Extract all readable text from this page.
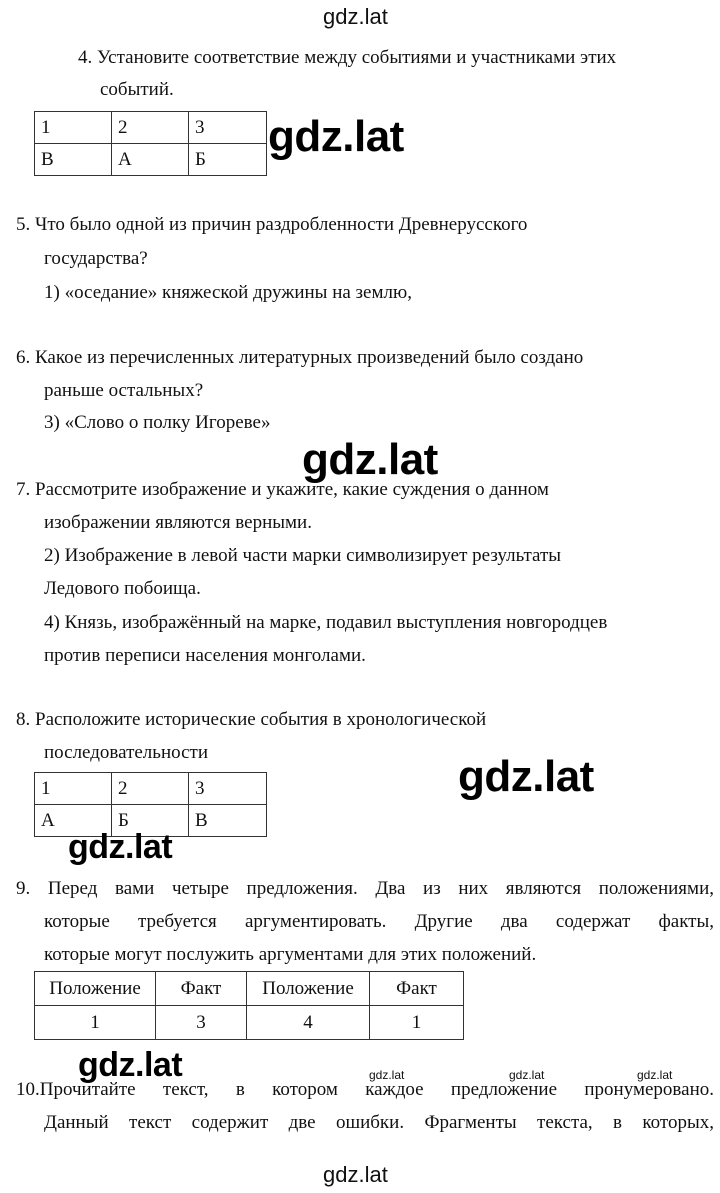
gdz.lat
4. Установите соответствие между событиями и участниками этих
событий.
1	2	3
В	А	Б gdz.lat
5. Что было одной из причин раздробленности Древнерусского
государства?
1) «оседание» княжеской дружины на землю,
6. Какое из перечисленных литературных произведений было создано
раньше остальных?
3) «Слово о полку Игореве»
gdz.lat
7. Рассмотрите изображение и укажите, какие суждения о данном
изображении являются верными.
2) Изображение в левой части марки символизирует результаты
Ледового побоища.
4) Князь, изображённый на марке, подавил выступления новгородцев
против переписи населения монголами.
8. Расположите исторические события в хронологической
последовательности
1	2	3
А	Б	В
gdz.lat
gdz.lat
9. Перед вами четыре предложения. Два из них являются положениями,
которые требуется аргументировать. Другие два содержат факты,
которые могут послужить аргументами для этих положений.
Положение	Факт	Положение	Факт
1	3	4	1
gdz.lat	gdz.lat	gdz.lat	gdz.lat
10.Прочитайте текст, в котором каждое предложение пронумеровано.
Данный текст содержит две ошибки. Фрагменты текста, в которых,
gdz.lat
